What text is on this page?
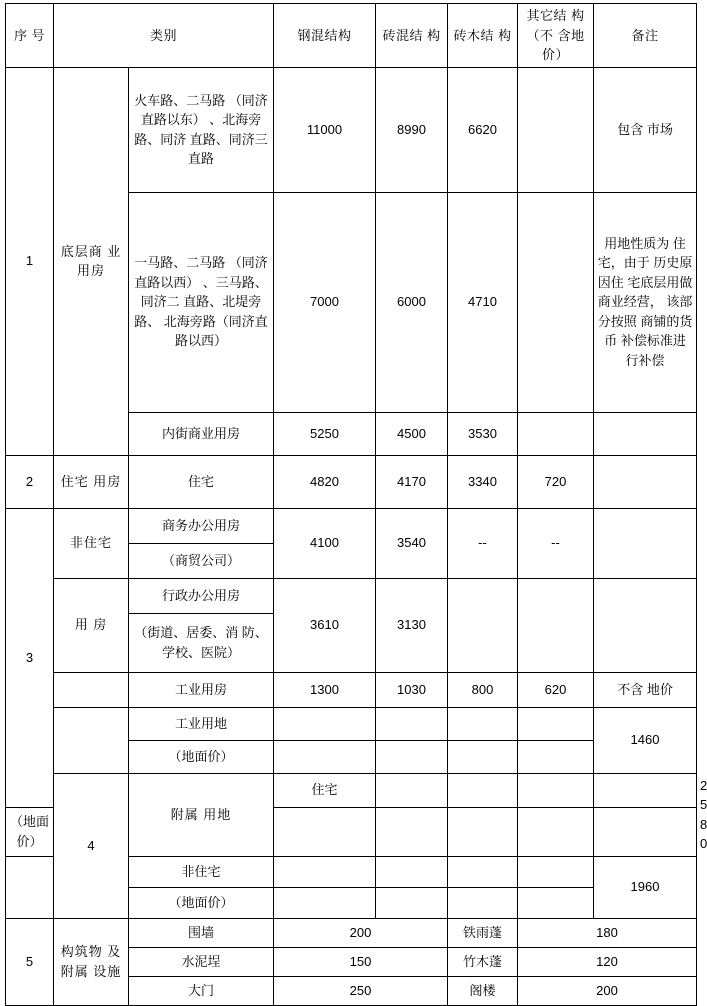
序 号	类别		钢混结构	砖混结 构	砖木结 构	其它结 构（不 含地价）	备注	
1	底层商 业用房	火车路、二马路 （同济直路以东） 、北海旁路、同济 直路、同济三直路	11000	8990	6620		包含 市场	
		一马路、二马路 （同济直路以西） 、三马路、同济二 直路、北堤旁路、 北海旁路（同济直 路以西）	7000	6000	4710		用地性质为 住宅，由于 历史原因住 宅底层用做 商业经营， 该部分按照 商铺的货币 补偿标准进 行补偿	
		内街商业用房	5250	4500	3530			
2	住宅 用房	住宅	4820	4170	3340	720		
3	非住宅	商务办公用房	4100	3540	--	--		
		（商贸公司）						
	用 房	行政办公用房	3610	3130				
		（街道、居委、消 防、学校、医院）						
		工业用房	1300	1030	800	620	不含 地价	
		工业用地					1460	
		（地面价）						
	4	附属 用地	住宅					2580
（地面价）								
		非住宅					1960	
		（地面价）						
5	构筑物 及附属 设施	围墙	200		铁雨蓬	180		
		水泥埕	150		竹木蓬	120		
		大门	250		阁楼	200		
